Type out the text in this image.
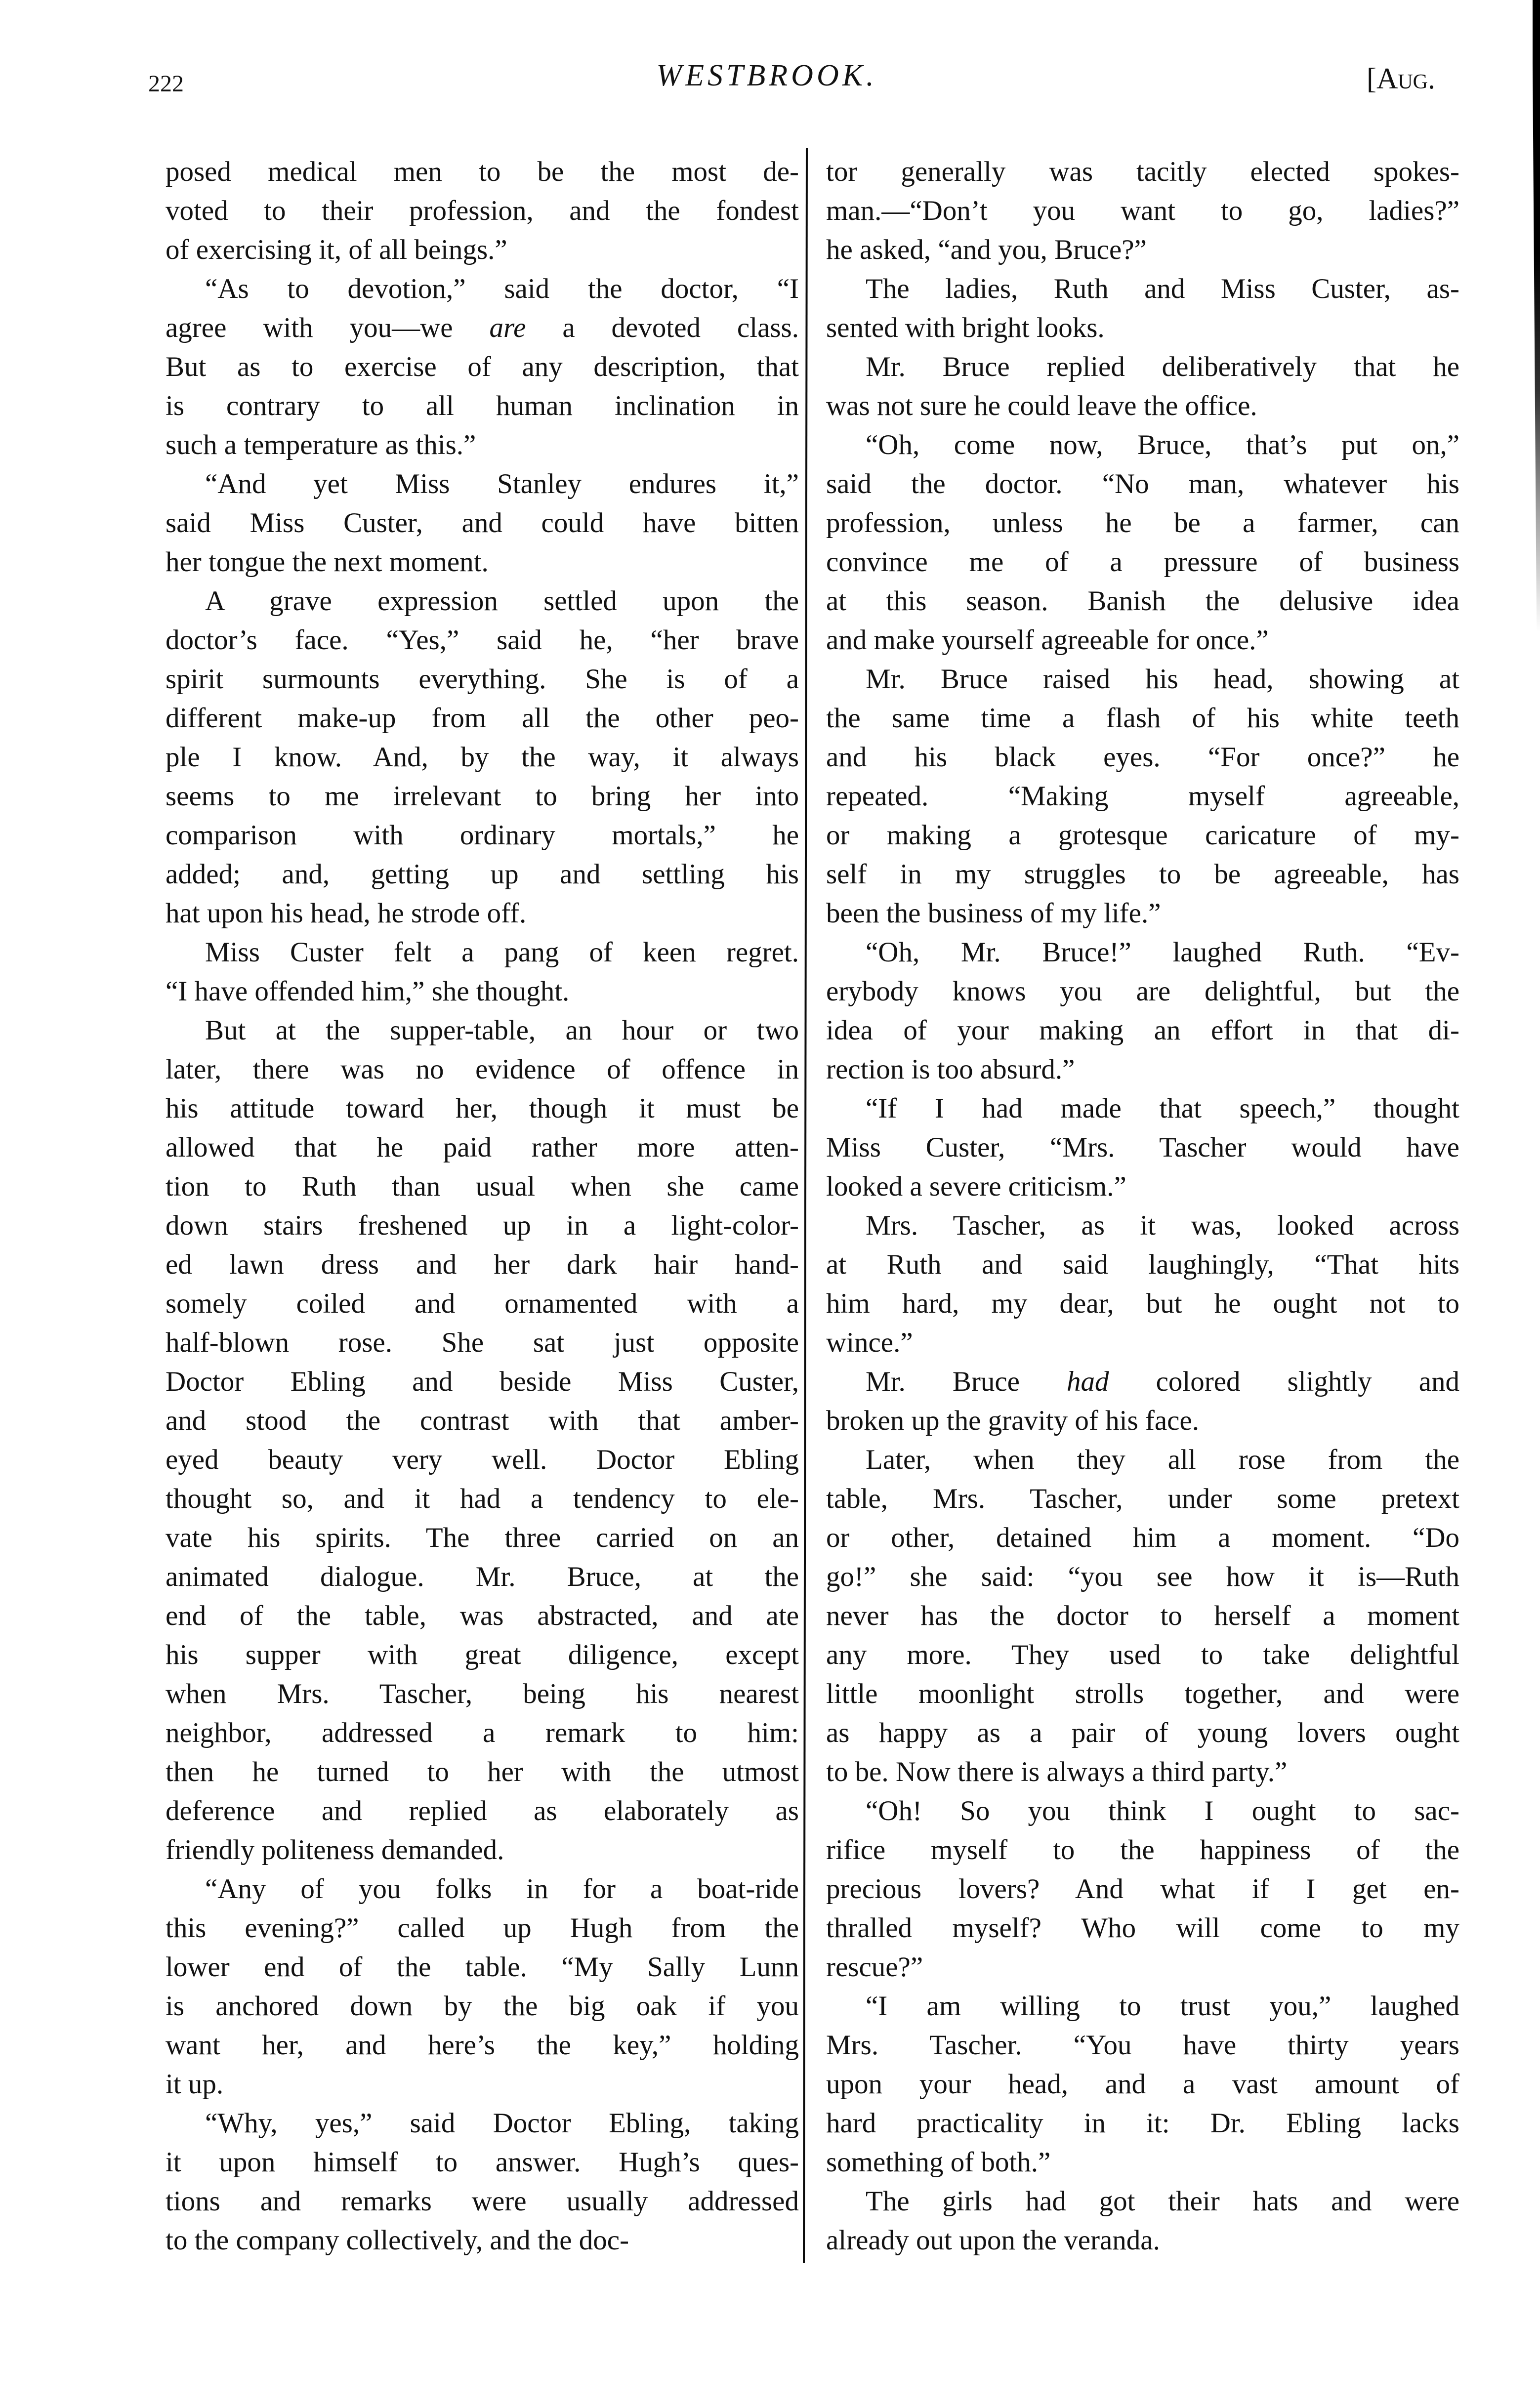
222	WESTBROOK.	[Aug.
posed medical men to be the most de-
voted to their profession, and the fondest
of exercising it, of all beings.”
“As to devotion,” said the doctor, “I
agree with you—we are a devoted class.
But as to exercise of any description, that
is contrary to all human inclination in
such a temperature as this.”
“And yet Miss Stanley endures it,”
said Miss Custer, and could have bitten
her tongue the next moment.
A grave expression settled upon the
doctor’s face. “Yes,” said he, “her brave
spirit surmounts everything. She is of a
different make-up from all the other peo-
ple I know. And, by the way, it always
seems to me irrelevant to bring her into
comparison with ordinary mortals,” he
added; and, getting up and settling his
hat upon his head, he strode off.
Miss Custer felt a pang of keen regret.
“I have offended him,” she thought.
But at the supper-table, an hour or two
later, there was no evidence of offence in
his attitude toward her, though it must be
allowed that he paid rather more atten-
tion to Ruth than usual when she came
down stairs freshened up in a light-color-
ed lawn dress and her dark hair hand-
somely coiled and ornamented with a
half-blown rose. She sat just opposite
Doctor Ebling and beside Miss Custer,
and stood the contrast with that amber-
eyed beauty very well. Doctor Ebling
thought so, and it had a tendency to ele-
vate his spirits. The three carried on an
animated dialogue. Mr. Bruce, at the
end of the table, was abstracted, and ate
his supper with great diligence, except
when Mrs. Tascher, being his nearest
neighbor, addressed a remark to him:
then he turned to her with the utmost
deference and replied as elaborately as
friendly politeness demanded.
“Any of you folks in for a boat-ride
this evening?” called up Hugh from the
lower end of the table. “My Sally Lunn
is anchored down by the big oak if you
want her, and here’s the key,” holding
it up.
“Why, yes,” said Doctor Ebling, taking
it upon himself to answer. Hugh’s ques-
tions and remarks were usually addressed
to the company collectively, and the doc-
tor generally was tacitly elected spokes-
man.—“Don’t you want to go, ladies?”
he asked, “and you, Bruce?”
The ladies, Ruth and Miss Custer, as-
sented with bright looks.
Mr. Bruce replied deliberatively that he
was not sure he could leave the office.
“Oh, come now, Bruce, that’s put on,”
said the doctor. “No man, whatever his
profession, unless he be a farmer, can
convince me of a pressure of business
at this season. Banish the delusive idea
and make yourself agreeable for once.”
Mr. Bruce raised his head, showing at
the same time a flash of his white teeth
and his black eyes. “For once?” he
repeated. “Making myself agreeable,
or making a grotesque caricature of my-
self in my struggles to be agreeable, has
been the business of my life.”
“Oh, Mr. Bruce!” laughed Ruth. “Ev-
erybody knows you are delightful, but the
idea of your making an effort in that di-
rection is too absurd.”
“If I had made that speech,” thought
Miss Custer, “Mrs. Tascher would have
looked a severe criticism.”
Mrs. Tascher, as it was, looked across
at Ruth and said laughingly, “That hits
him hard, my dear, but he ought not to
wince.”
Mr. Bruce had colored slightly and
broken up the gravity of his face.
Later, when they all rose from the
table, Mrs. Tascher, under some pretext
or other, detained him a moment. “Do
go!” she said: “you see how it is—Ruth
never has the doctor to herself a moment
any more. They used to take delightful
little moonlight strolls together, and were
as happy as a pair of young lovers ought
to be. Now there is always a third party.”
“Oh! So you think I ought to sac-
rifice myself to the happiness of the
precious lovers? And what if I get en-
thralled myself? Who will come to my
rescue?”
“I am willing to trust you,” laughed
Mrs. Tascher. “You have thirty years
upon your head, and a vast amount of
hard practicality in it: Dr. Ebling lacks
something of both.”
The girls had got their hats and were
already out upon the veranda.
